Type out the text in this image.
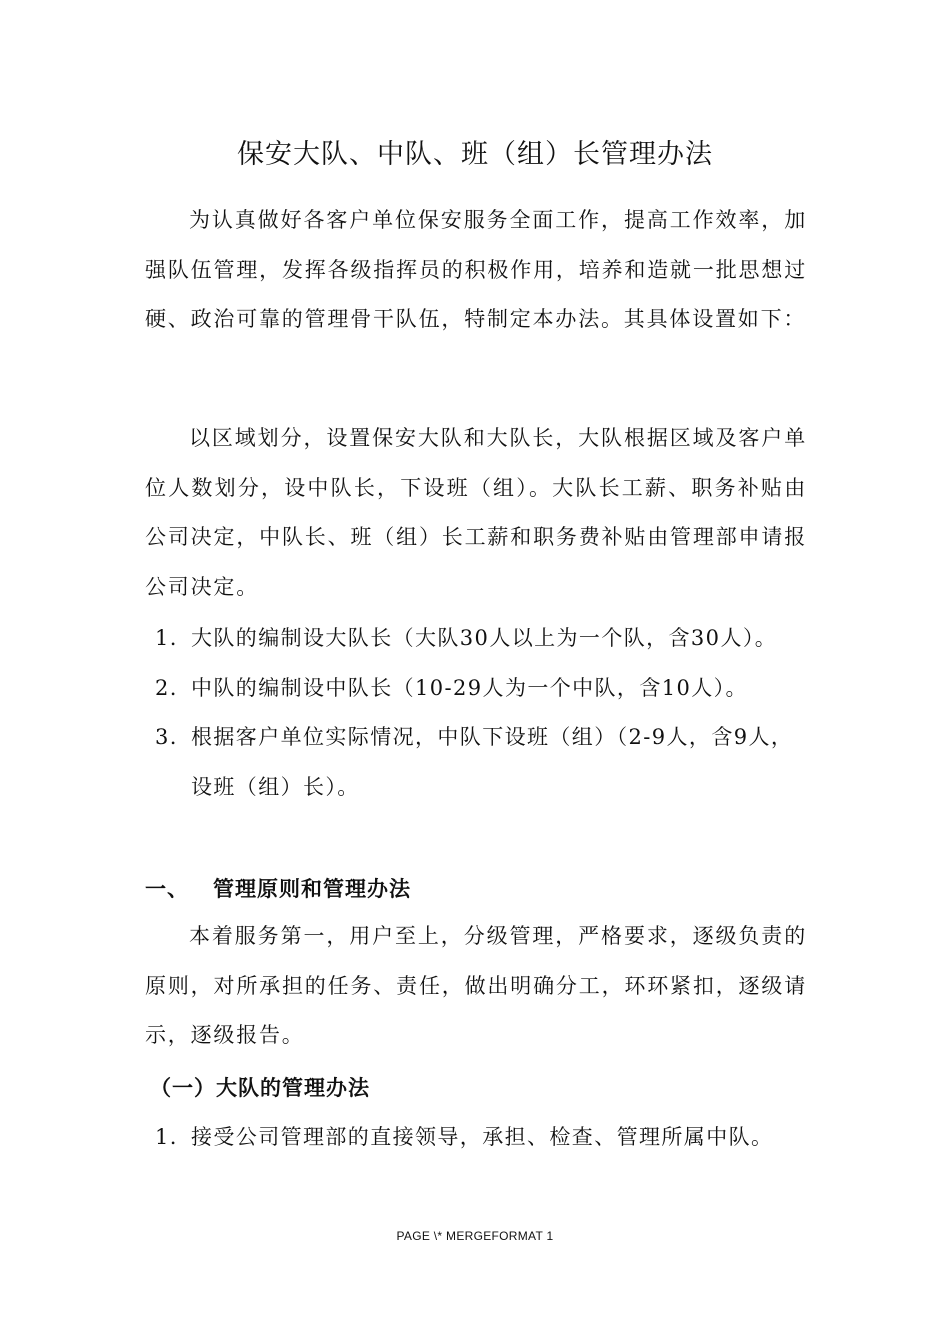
保安大队、中队、班（组）长管理办法

为认真做好各客户单位保安服务全面工作，提高工作效率，加强队伍管理，发挥各级指挥员的积极作用，培养和造就一批思想过硬、政治可靠的管理骨干队伍，特制定本办法。其具体设置如下：

以区域划分，设置保安大队和大队长，大队根据区域及客户单位人数划分，设中队长，下设班（组）。大队长工薪、职务补贴由公司决定，中队长、班（组）长工薪和职务费补贴由管理部申请报公司决定。

1. 大队的编制设大队长（大队30人以上为一个队，含30人）。
2. 中队的编制设中队长（10-29人为一个中队，含10人）。
3. 根据客户单位实际情况，中队下设班（组）（2-9人，含9人，设班（组）长）。
一、 管理原则和管理办法

本着服务第一，用户至上，分级管理，严格要求，逐级负责的原则，对所承担的任务、责任，做出明确分工，环环紧扣，逐级请示，逐级报告。

（一）大队的管理办法
1. 接受公司管理部的直接领导，承担、检查、管理所属中队。
PAGE \* MERGEFORMAT 1
